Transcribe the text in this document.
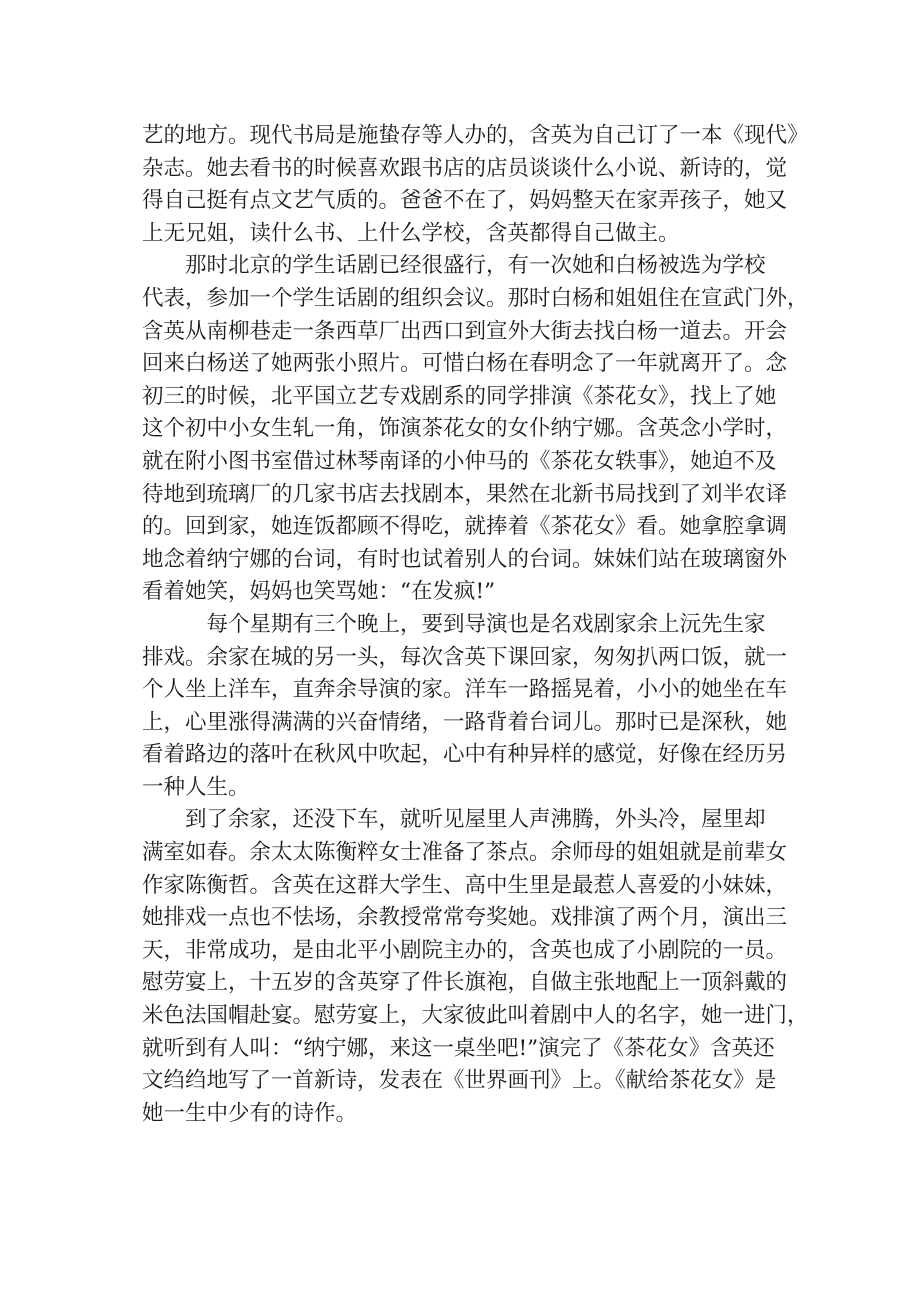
艺的地方。现代书局是施蛰存等人办的，含英为自己订了一本《现代》
杂志。她去看书的时候喜欢跟书店的店员谈谈什么小说、新诗的，觉
得自己挺有点文艺气质的。爸爸不在了，妈妈整天在家弄孩子，她又
上无兄姐，读什么书、上什么学校，含英都得自己做主。
　　那时北京的学生话剧已经很盛行，有一次她和白杨被选为学校
代表，参加一个学生话剧的组织会议。那时白杨和姐姐住在宣武门外，
含英从南柳巷走一条西草厂出西口到宣外大街去找白杨一道去。开会
回来白杨送了她两张小照片。可惜白杨在春明念了一年就离开了。念
初三的时候，北平国立艺专戏剧系的同学排演《茶花女》，找上了她
这个初中小女生轧一角，饰演茶花女的女仆纳宁娜。含英念小学时，
就在附小图书室借过林琴南译的小仲马的《茶花女轶事》，她迫不及
待地到琉璃厂的几家书店去找剧本，果然在北新书局找到了刘半农译
的。回到家，她连饭都顾不得吃，就捧着《茶花女》看。她拿腔拿调
地念着纳宁娜的台词，有时也试着别人的台词。妹妹们站在玻璃窗外
看着她笑，妈妈也笑骂她：“在发疯!”
　　　每个星期有三个晚上，要到导演也是名戏剧家余上沅先生家
排戏。余家在城的另一头，每次含英下课回家，匆匆扒两口饭，就一
个人坐上洋车，直奔余导演的家。洋车一路摇晃着，小小的她坐在车
上，心里涨得满满的兴奋情绪，一路背着台词儿。那时已是深秋，她
看着路边的落叶在秋风中吹起，心中有种异样的感觉，好像在经历另
一种人生。
　　到了余家，还没下车，就听见屋里人声沸腾，外头冷，屋里却
满室如春。余太太陈衡粹女士准备了茶点。余师母的姐姐就是前辈女
作家陈衡哲。含英在这群大学生、高中生里是最惹人喜爱的小妹妹，
她排戏一点也不怯场，余教授常常夸奖她。戏排演了两个月，演出三
天，非常成功，是由北平小剧院主办的，含英也成了小剧院的一员。
慰劳宴上，十五岁的含英穿了件长旗袍，自做主张地配上一顶斜戴的
米色法国帽赴宴。慰劳宴上，大家彼此叫着剧中人的名字，她一进门，
就听到有人叫：“纳宁娜，来这一桌坐吧!”演完了《茶花女》含英还
文绉绉地写了一首新诗，发表在《世界画刊》上。《献给茶花女》是
她一生中少有的诗作。
